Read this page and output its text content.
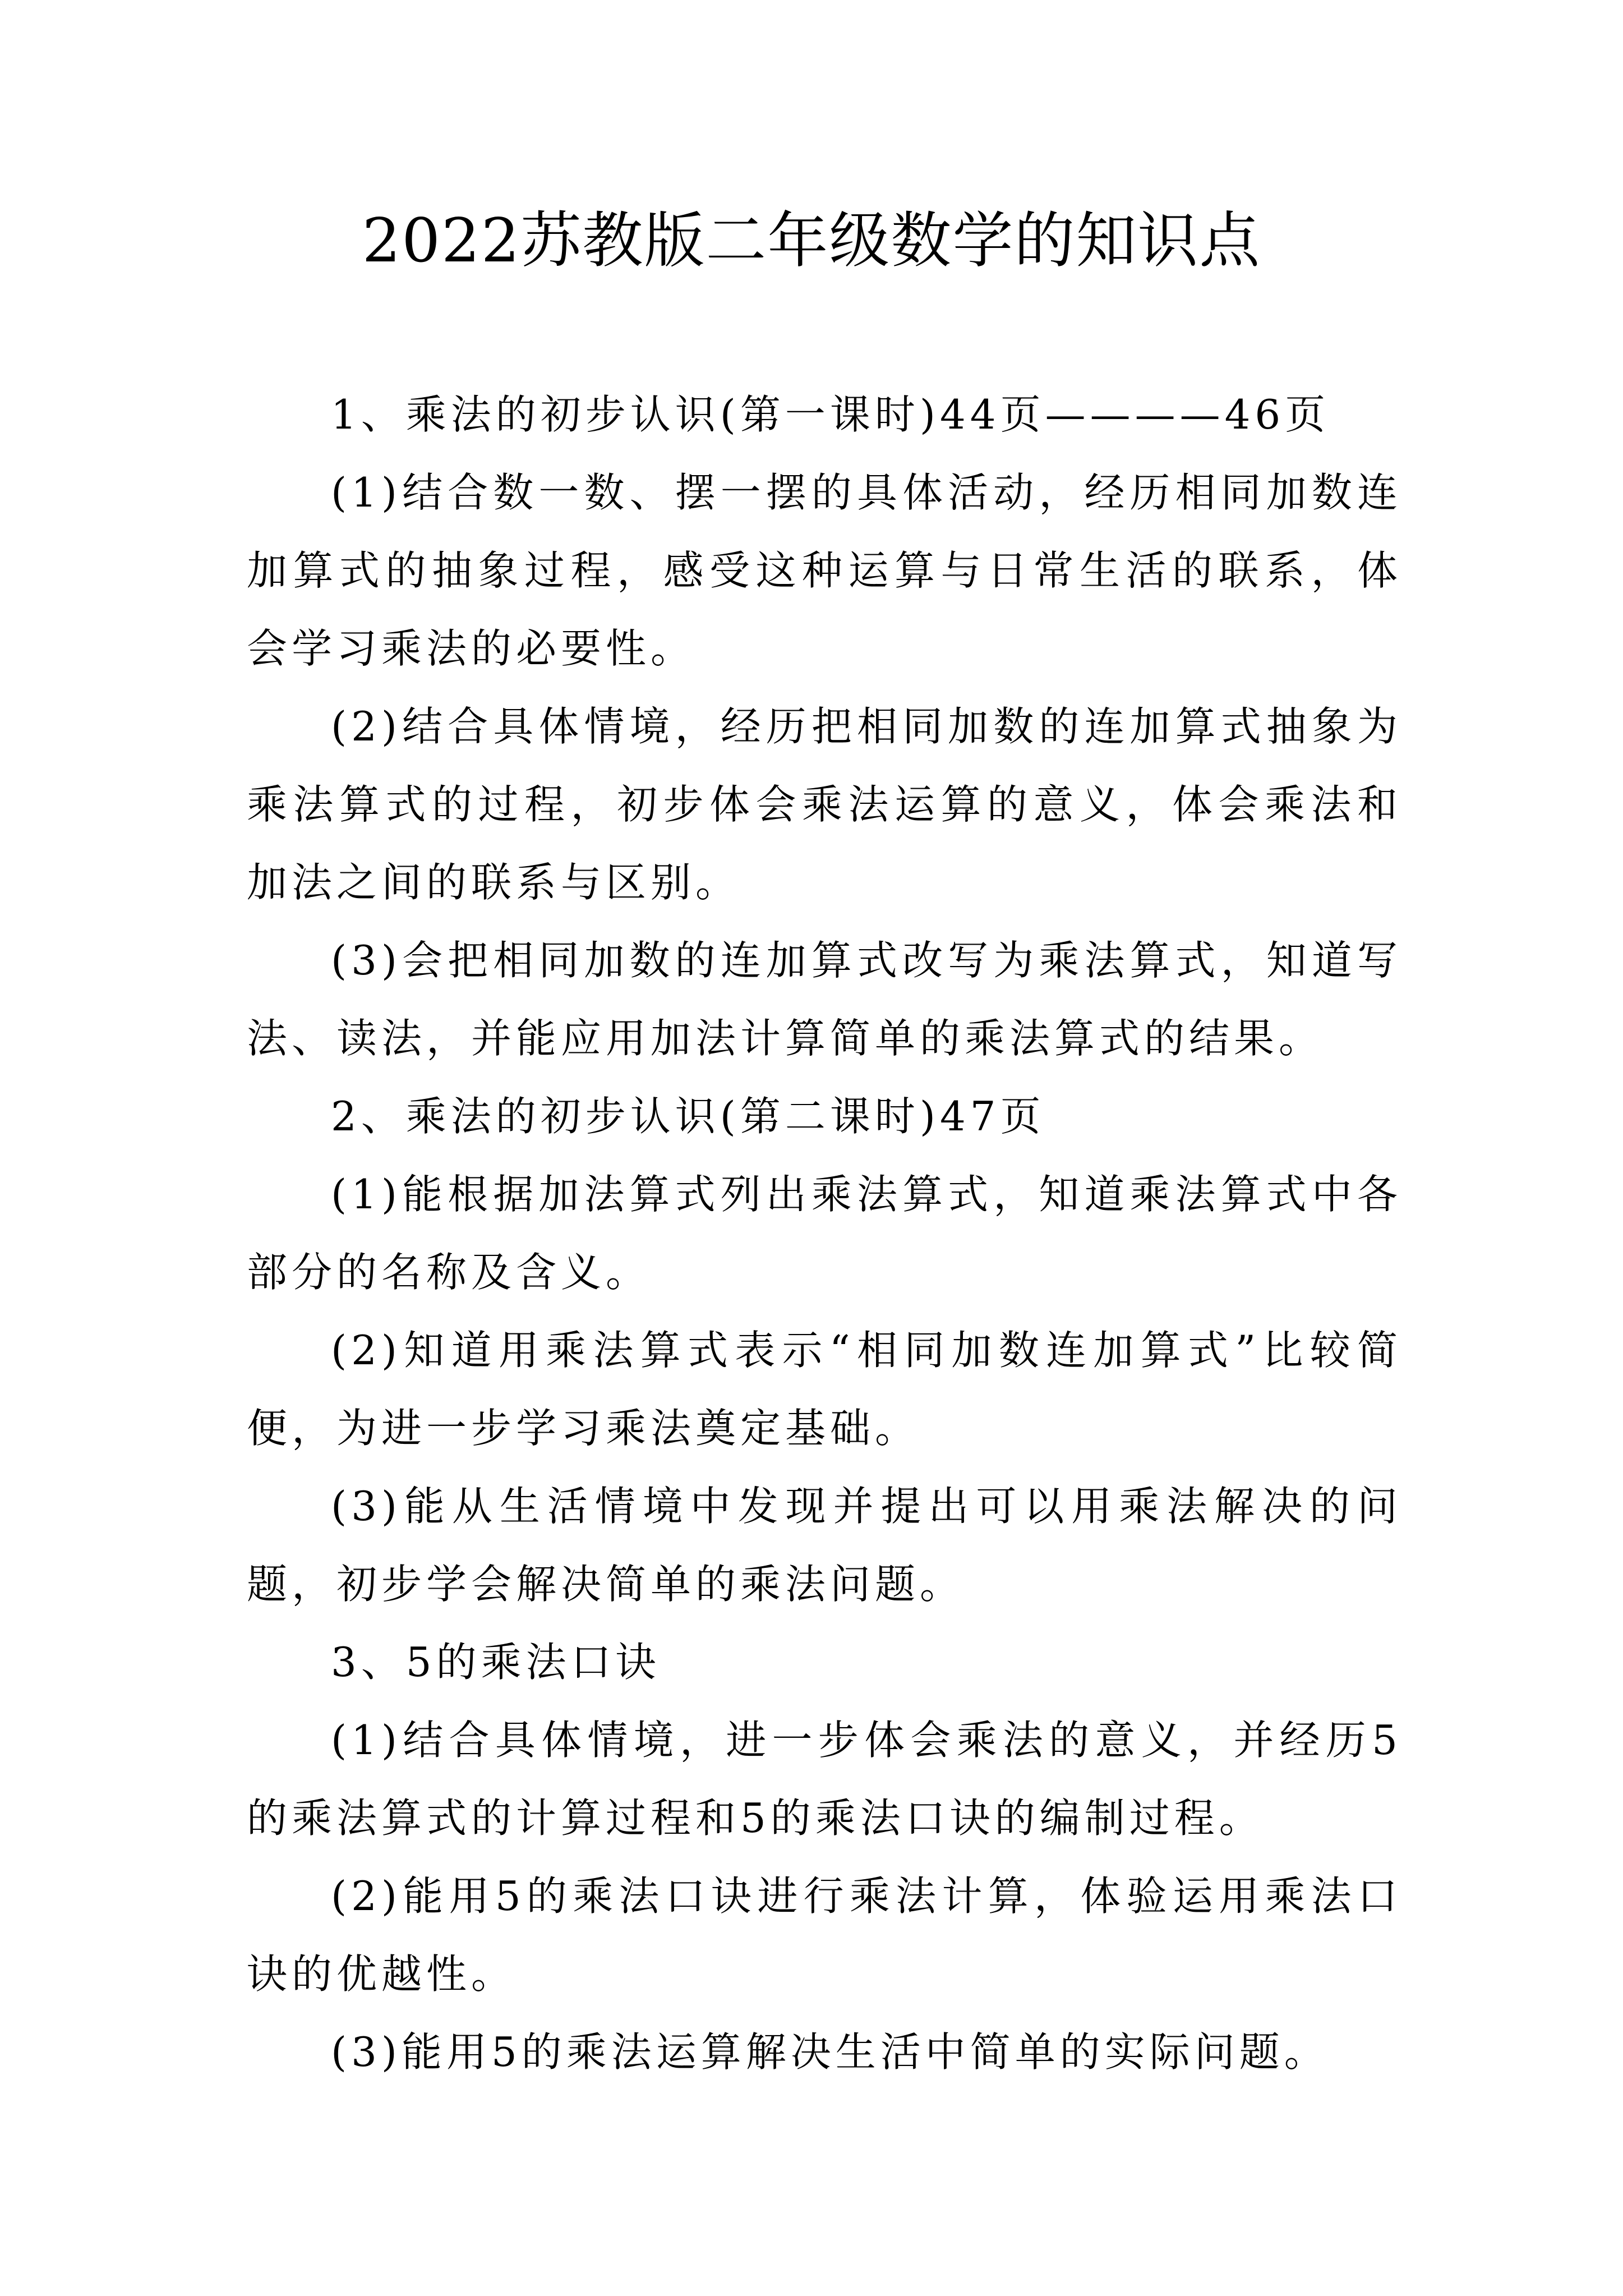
2022苏教版二年级数学的知识点

1、乘法的初步认识(第一课时)44页————46页

(1)结合数一数、摆一摆的具体活动，经历相同加数连加算式的抽象过程，感受这种运算与日常生活的联系，体会学习乘法的必要性。

(2)结合具体情境，经历把相同加数的连加算式抽象为乘法算式的过程，初步体会乘法运算的意义，体会乘法和加法之间的联系与区别。

(3)会把相同加数的连加算式改写为乘法算式，知道写法、读法，并能应用加法计算简单的乘法算式的结果。

2、乘法的初步认识(第二课时)47页

(1)能根据加法算式列出乘法算式，知道乘法算式中各部分的名称及含义。

(2)知道用乘法算式表示“相同加数连加算式”比较简便，为进一步学习乘法奠定基础。

(3)能从生活情境中发现并提出可以用乘法解决的问题，初步学会解决简单的乘法问题。

3、5的乘法口诀

(1)结合具体情境，进一步体会乘法的意义，并经历5的乘法算式的计算过程和5的乘法口诀的编制过程。

(2)能用5的乘法口诀进行乘法计算，体验运用乘法口诀的优越性。

(3)能用5的乘法运算解决生活中简单的实际问题。
